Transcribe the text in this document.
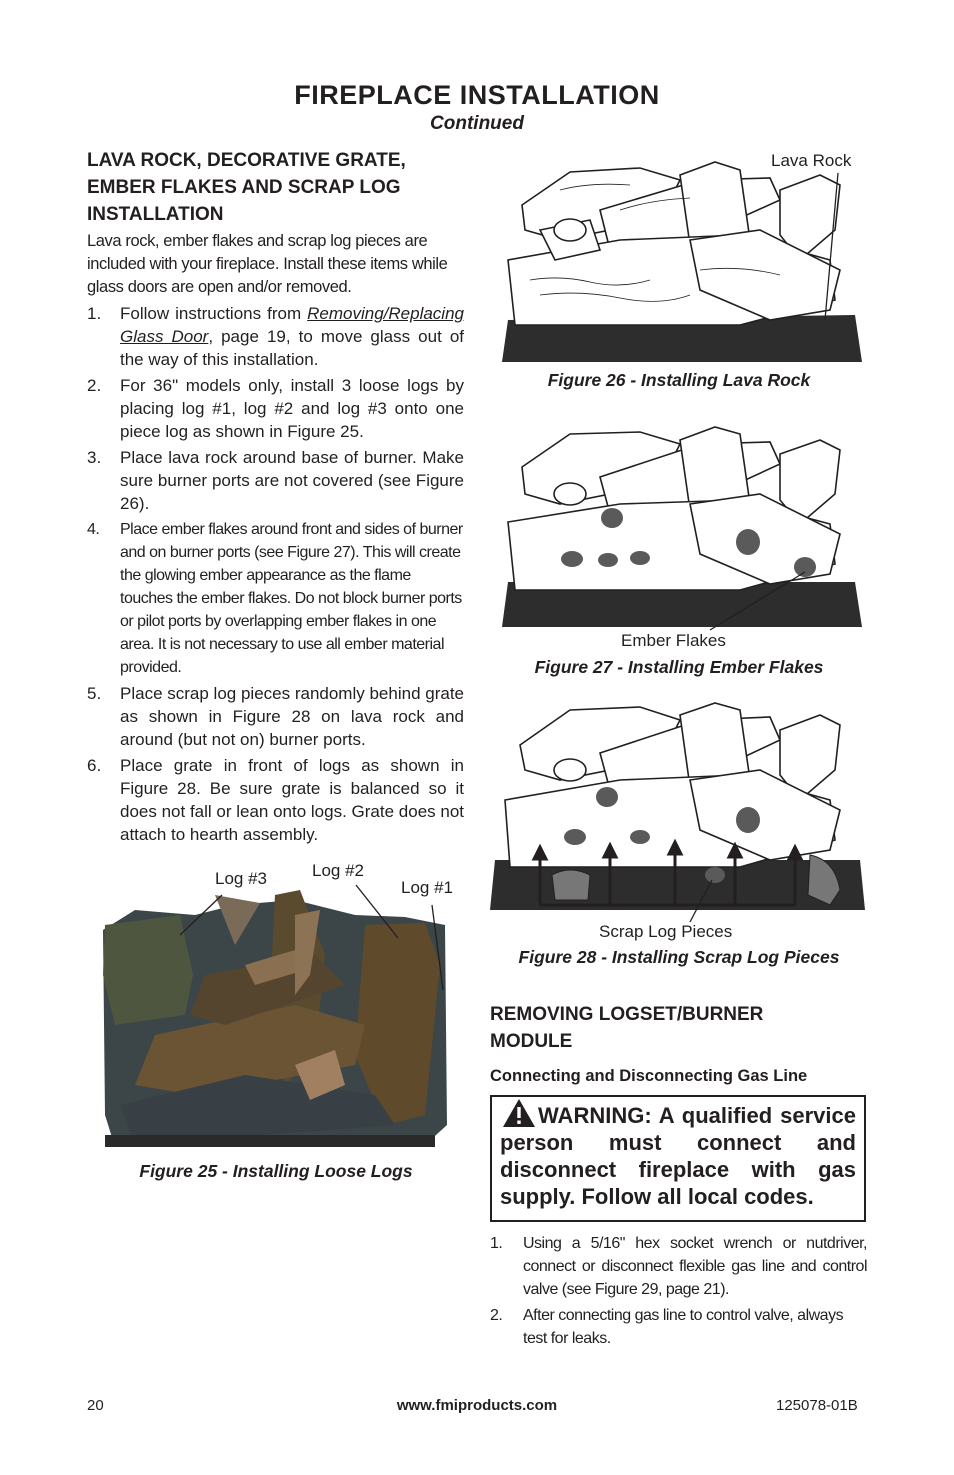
FIREPLACE INSTALLATION
Continued
LAVA ROCK, DECORATIVE GRATE, EMBER FLAKES AND SCRAP LOG INSTALLATION
Lava rock, ember flakes and scrap log pieces are included with your fireplace. Install these items while glass doors are open and/or removed.
1. Follow instructions from Removing/Replacing Glass Door, page 19, to move glass out of the way of this installation.
2. For 36" models only, install 3 loose logs by placing log #1, log #2 and log #3 onto one piece log as shown in Figure 25.
3. Place lava rock around base of burner. Make sure burner ports are not covered (see Figure 26).
4. Place ember flakes around front and sides of burner and on burner ports (see Figure 27). This will create the glowing ember appearance as the flame touches the ember flakes. Do not block burner ports or pilot ports by overlapping ember flakes in one area. It is not necessary to use all ember material provided.
5. Place scrap log pieces randomly behind grate as shown in Figure 28 on lava rock and around (but not on) burner ports.
6. Place grate in front of logs as shown in Figure 28. Be sure grate is balanced so it does not fall or lean onto logs. Grate does not attach to hearth assembly.
Log #3	Log #2
Log #1
Figure 25 - Installing Loose Logs
Lava Rock
Figure 26 - Installing Lava Rock
Ember Flakes
Figure 27 - Installing Ember Flakes
Scrap Log Pieces
Figure 28 - Installing Scrap Log Pieces
REMOVING LOGSET/BURNER MODULE
Connecting and Disconnecting Gas Line
WARNING: A qualified service person must connect and disconnect fireplace with gas supply. Follow all local codes.
1. Using a 5/16" hex socket wrench or nutdriver, connect or disconnect flexible gas line and control valve (see Figure 29, page 21).
2. After connecting gas line to control valve, always test for leaks.
20	www.fmiproducts.com	125078-01B
